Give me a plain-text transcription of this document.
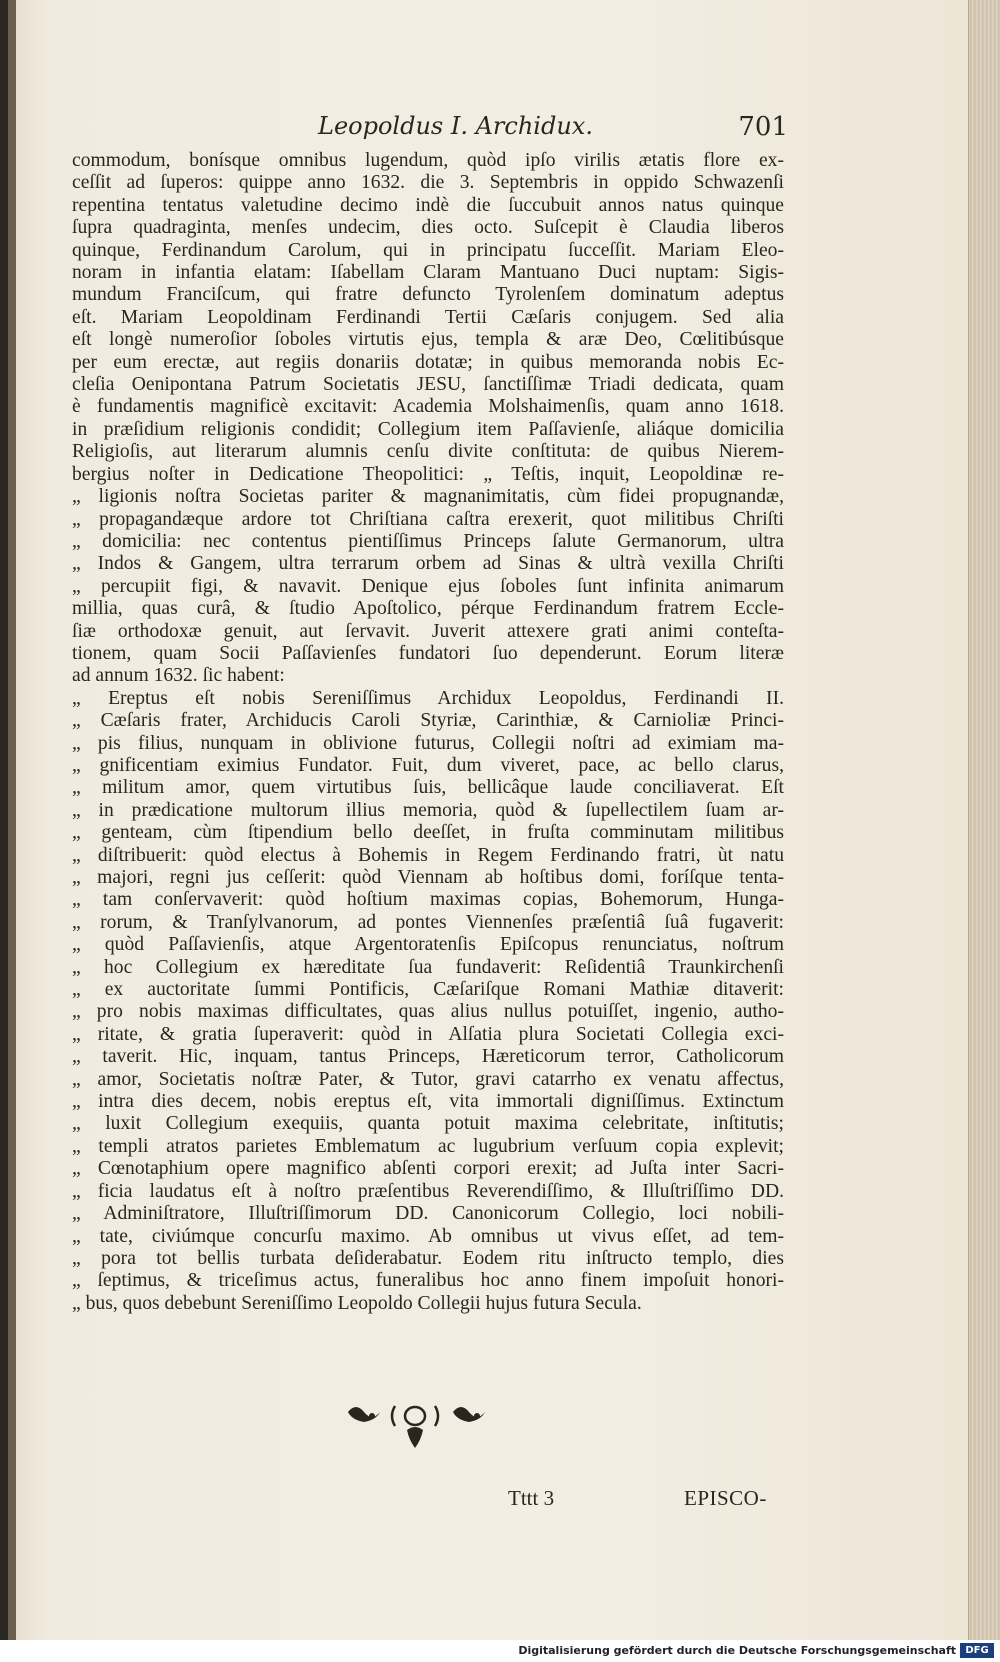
Leopoldus I. Archidux.	701
commodum, bonísque omnibus lugendum, quòd ipſo virilis ætatis flore ex-
ceſſit ad ſuperos: quippe anno 1632. die 3. Septembris in oppido Schwazenſi
repentina tentatus valetudine decimo indè die ſuccubuit annos natus quinque
ſupra quadraginta, menſes undecim, dies octo. Suſcepit è Claudia liberos
quinque, Ferdinandum Carolum, qui in principatu ſucceſſit. Mariam Eleo-
noram in infantia elatam: Iſabellam Claram Mantuano Duci nuptam: Sigis-
mundum Franciſcum, qui fratre defuncto Tyrolenſem dominatum adeptus
eſt. Mariam Leopoldinam Ferdinandi Tertii Cæſaris conjugem. Sed alia
eſt longè numeroſior ſoboles virtutis ejus, templa & aræ Deo, Cœlitibúsque
per eum erectæ, aut regiis donariis dotatæ; in quibus memoranda nobis Ec-
cleſia Oenipontana Patrum Societatis JESU, ſanctiſſimæ Triadi dedicata, quam
è fundamentis magnificè excitavit: Academia Molshaimenſis, quam anno 1618.
in præſidium religionis condidit; Collegium item Paſſavienſe, aliáque domicilia
Religioſis, aut literarum alumnis cenſu divite conſtituta: de quibus Nierem-
bergius noſter in Dedicatione Theopolitici: „ Teſtis, inquit, Leopoldinæ re-
„ ligionis noſtra Societas pariter & magnanimitatis, cùm fidei propugnandæ,
„ propagandæque ardore tot Chriſtiana caſtra erexerit, quot militibus Chriſti
„ domicilia: nec contentus pientiſſimus Princeps ſalute Germanorum, ultra
„ Indos & Gangem, ultra terrarum orbem ad Sinas & ultrà vexilla Chriſti
„ percupiit figi, & navavit. Denique ejus ſoboles ſunt infinita animarum
millia, quas curâ, & ſtudio Apoſtolico, pérque Ferdinandum fratrem Eccle-
ſiæ orthodoxæ genuit, aut ſervavit. Juverit attexere grati animi conteſta-
tionem, quam Socii Paſſavienſes fundatori ſuo dependerunt. Eorum literæ
ad annum 1632. ſic habent:
„ Ereptus eſt nobis Sereniſſimus Archidux Leopoldus, Ferdinandi II.
„ Cæſaris frater, Archiducis Caroli Styriæ, Carinthiæ, & Carnioliæ Princi-
„ pis filius, nunquam in oblivione futurus, Collegii noſtri ad eximiam ma-
„ gnificentiam eximius Fundator. Fuit, dum viveret, pace, ac bello clarus,
„ militum amor, quem virtutibus ſuis, bellicâque laude conciliaverat. Eſt
„ in prædicatione multorum illius memoria, quòd & ſupellectilem ſuam ar-
„ genteam, cùm ſtipendium bello deeſſet, in fruſta comminutam militibus
„ diſtribuerit: quòd electus à Bohemis in Regem Ferdinando fratri, ùt natu
„ majori, regni jus ceſſerit: quòd Viennam ab hoſtibus domi, foríſque tenta-
„ tam conſervaverit: quòd hoſtium maximas copias, Bohemorum, Hunga-
„ rorum, & Tranſylvanorum, ad pontes Viennenſes præſentiâ ſuâ fugaverit:
„ quòd Paſſavienſis, atque Argentoratenſis Epiſcopus renunciatus, noſtrum
„ hoc Collegium ex hæreditate ſua fundaverit: Reſidentiâ Traunkirchenſi
„ ex auctoritate ſummi Pontificis, Cæſariſque Romani Mathiæ ditaverit:
„ pro nobis maximas difficultates, quas alius nullus potuiſſet, ingenio, autho-
„ ritate, & gratia ſuperaverit: quòd in Alſatia plura Societati Collegia exci-
„ taverit. Hic, inquam, tantus Princeps, Hæreticorum terror, Catholicorum
„ amor, Societatis noſtræ Pater, & Tutor, gravi catarrho ex venatu affectus,
„ intra dies decem, nobis ereptus eſt, vita immortali digniſſimus. Extinctum
„ luxit Collegium exequiis, quanta potuit maxima celebritate, inſtitutis;
„ templi atratos parietes Emblematum ac lugubrium verſuum copia explevit;
„ Cœnotaphium opere magnifico abſenti corpori erexit; ad Juſta inter Sacri-
„ ficia laudatus eſt à noſtro præſentibus Reverendiſſimo, & Illuſtriſſimo DD.
„ Adminiſtratore, Illuſtriſſimorum DD. Canonicorum Collegio, loci nobili-
„ tate, civiúmque concurſu maximo. Ab omnibus ut vivus eſſet, ad tem-
„ pora tot bellis turbata deſiderabatur. Eodem ritu inſtructo templo, dies
„ ſeptimus, & triceſimus actus, funeralibus hoc anno finem impoſuit honori-
„ bus, quos debebunt Sereniſſimo Leopoldo Collegii hujus futura Secula.
Tttt 3	EPISCO-
Digitalisierung gefördert durch die Deutsche Forschungsgemeinschaft DFG
